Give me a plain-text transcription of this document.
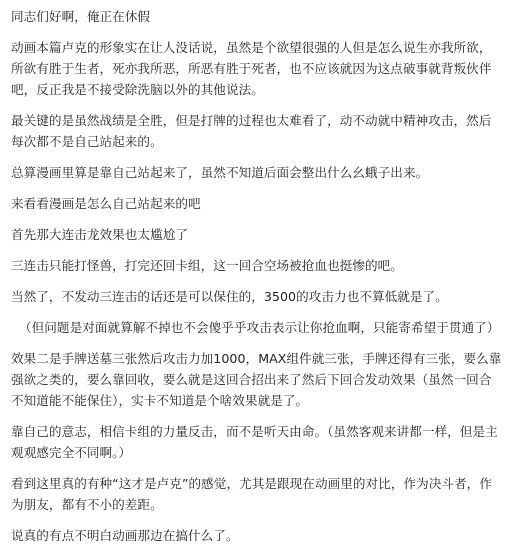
同志们好啊，俺正在休假

动画本篇卢克的形象实在让人没话说，虽然是个欲望很强的人但是怎么说生亦我所欲，所欲有胜于生者，死亦我所恶，所恶有胜于死者，也不应该就因为这点破事就背叛伙伴吧，反正我是不接受除洗脑以外的其他说法。

最关键的是虽然战绩是全胜，但是打牌的过程也太难看了，动不动就中精神攻击，然后每次都不是自己站起来的。

总算漫画里算是靠自己站起来了，虽然不知道后面会整出什么幺蛾子出来。

来看看漫画是怎么自己站起来的吧

首先那大连击龙效果也太尴尬了

三连击只能打怪兽，打完还回卡组，这一回合空场被抢血也挺惨的吧。

当然了，不发动三连击的话还是可以保住的，3500的攻击力也不算低就是了。

（但问题是对面就算解不掉也不会傻乎乎攻击表示让你抢血啊，只能寄希望于贯通了）

效果二是手牌送墓三张然后攻击力加1000，MAX组件就三张，手牌还得有三张，要么靠强欲之类的，要么靠回收，要么就是这回合招出来了然后下回合发动效果（虽然一回合不知道能不能保住），实卡不知道是个啥效果就是了。

靠自己的意志，相信卡组的力量反击，而不是听天由命。（虽然客观来讲都一样，但是主观观感完全不同啊。）

看到这里真的有种“这才是卢克”的感觉，尤其是跟现在动画里的对比，作为决斗者，作为朋友，都有不小的差距。

说真的有点不明白动画那边在搞什么了。
